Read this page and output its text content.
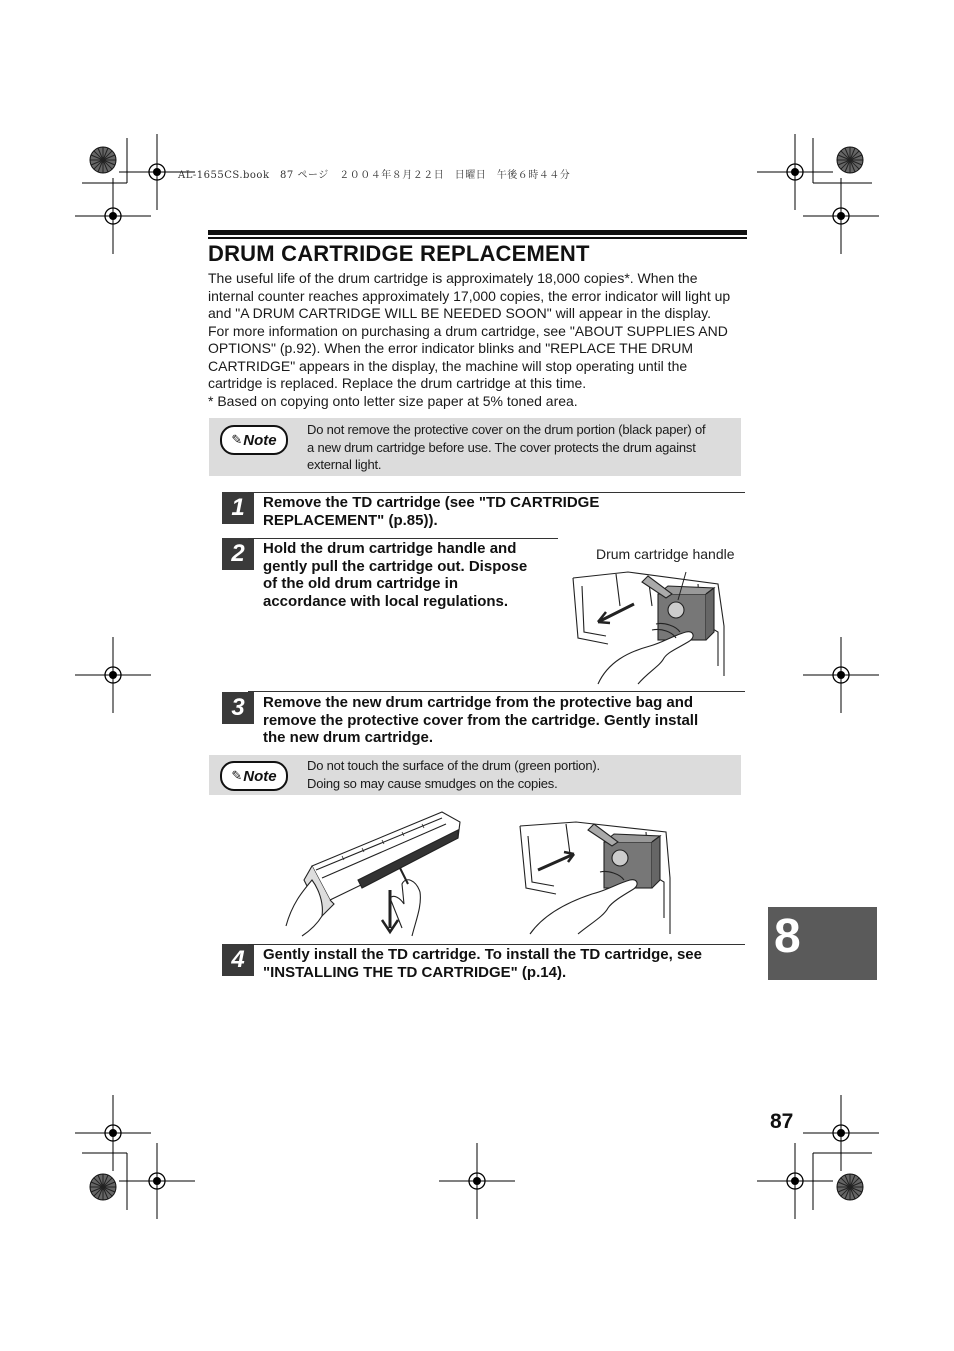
AL-1655CS.book　87 ページ　２００４年８月２２日　日曜日　午後６時４４分
DRUM CARTRIDGE REPLACEMENT
The useful life of the drum cartridge is approximately 18,000 copies*. When the
internal counter reaches approximately 17,000 copies, the error indicator will light up
and "A DRUM CARTRIDGE WILL BE NEEDED SOON" will appear in the display.
For more information on purchasing a drum cartridge, see "ABOUT SUPPLIES AND
OPTIONS" (p.92). When the error indicator blinks and "REPLACE THE DRUM
CARTRIDGE" appears in the display, the machine will stop operating until the
cartridge is replaced. Replace the drum cartridge at this time.
* Based on copying onto letter size paper at 5% toned area.
✎ Note
Do not remove the protective cover on the drum portion (black paper) of
a new drum cartridge before use. The cover protects the drum against
external light.
1	Remove the TD cartridge (see "TD CARTRIDGE
REPLACEMENT" (p.85)).
2	Hold the drum cartridge handle and
gently pull the cartridge out. Dispose
of the old drum cartridge in
accordance with local regulations.
Drum cartridge handle
3	Remove the new drum cartridge from the protective bag and
remove the protective cover from the cartridge. Gently install
the new drum cartridge.
✎ Note
Do not touch the surface of the drum (green portion).
Doing so may cause smudges on the copies.
4	Gently install the TD cartridge. To install the TD cartridge, see
"INSTALLING THE TD CARTRIDGE" (p.14).
8
87
